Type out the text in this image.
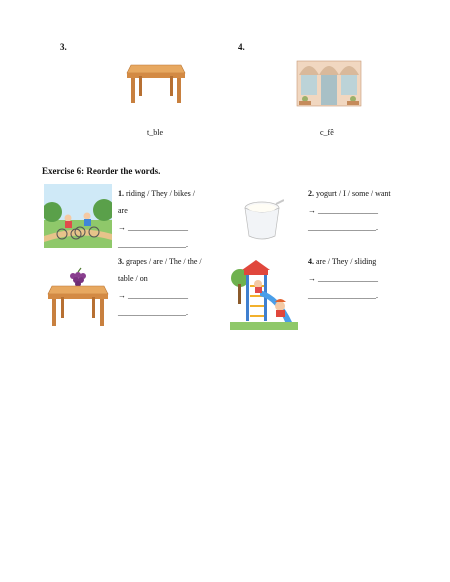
3.
t_ble
4.
c_fê
Exercise 6: Reorder the words.
1. riding / They / bikes /
are
→ _______________
_________________.
2. yogurt / I / some / want
→ _______________
_________________.
3. grapes / are / The / the /
table / on
→ _______________
_________________.
4. are / They / sliding
→ _______________
_________________.
